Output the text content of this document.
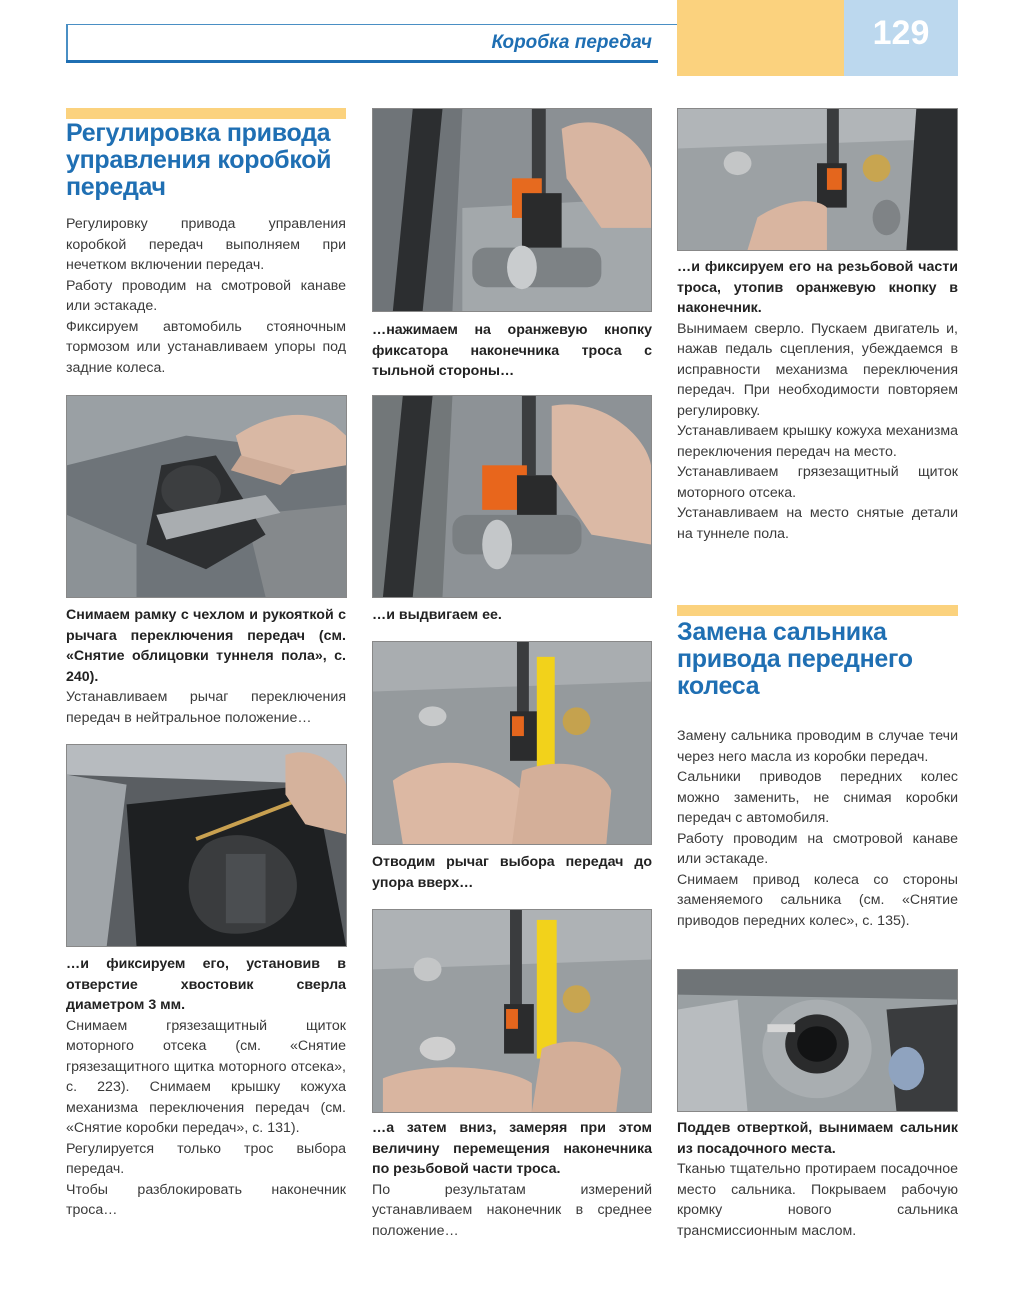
Коробка передач	129
Регулировка привода
управления коробкой
передач

Регулировку привода управления коробкой передач выполняем при нечетком включении передач.

Работу проводим на смотровой канаве или эстакаде.

Фиксируем автомобиль стояночным тормозом или устанавливаем упоры под задние колеса.

Снимаем рамку с чехлом и рукояткой с рычага переключения передач (см. «Снятие облицовки туннеля пола», с. 240).

Устанавливаем рычаг переключения передач в нейтральное положение…

…и фиксируем его, установив в отверстие хвостовик сверла диаметром 3 мм.

Снимаем грязезащитный щиток моторного отсека (см. «Снятие грязезащитного щитка моторного отсека», с. 223). Снимаем крышку кожуха механизма переключения передач (см. «Снятие коробки передач», с. 131).

Регулируется только трос выбора передач.

Чтобы разблокировать наконечник троса…

…нажимаем на оранжевую кнопку фиксатора наконечника троса с тыльной стороны…

…и выдвигаем ее.

Отводим рычаг выбора передач до упора вверх…

…а затем вниз, замеряя при этом величину перемещения наконечника по резьбовой части троса.

По результатам измерений устанавливаем наконечник в среднее положение…

…и фиксируем его на резьбовой части троса, утопив оранжевую кнопку в наконечник.

Вынимаем сверло. Пускаем двигатель и, нажав педаль сцепления, убеждаемся в исправности механизма переключения передач. При необходимости повторяем регулировку.

Устанавливаем крышку кожуха механизма переключения передач на место.

Устанавливаем грязезащитный щиток моторного отсека.

Устанавливаем на место снятые детали на туннеле пола.

Замена сальника
привода переднего
колеса

Замену сальника проводим в случае течи через него масла из коробки передач.

Сальники приводов передних колес можно заменить, не снимая коробки передач с автомобиля.

Работу проводим на смотровой канаве или эстакаде.

Снимаем привод колеса со стороны заменяемого сальника (см. «Снятие приводов передних колес», с. 135).

Поддев отверткой, вынимаем сальник из посадочного места.

Тканью тщательно протираем посадочное место сальника. Покрываем рабочую кромку нового сальника трансмиссионным маслом.
